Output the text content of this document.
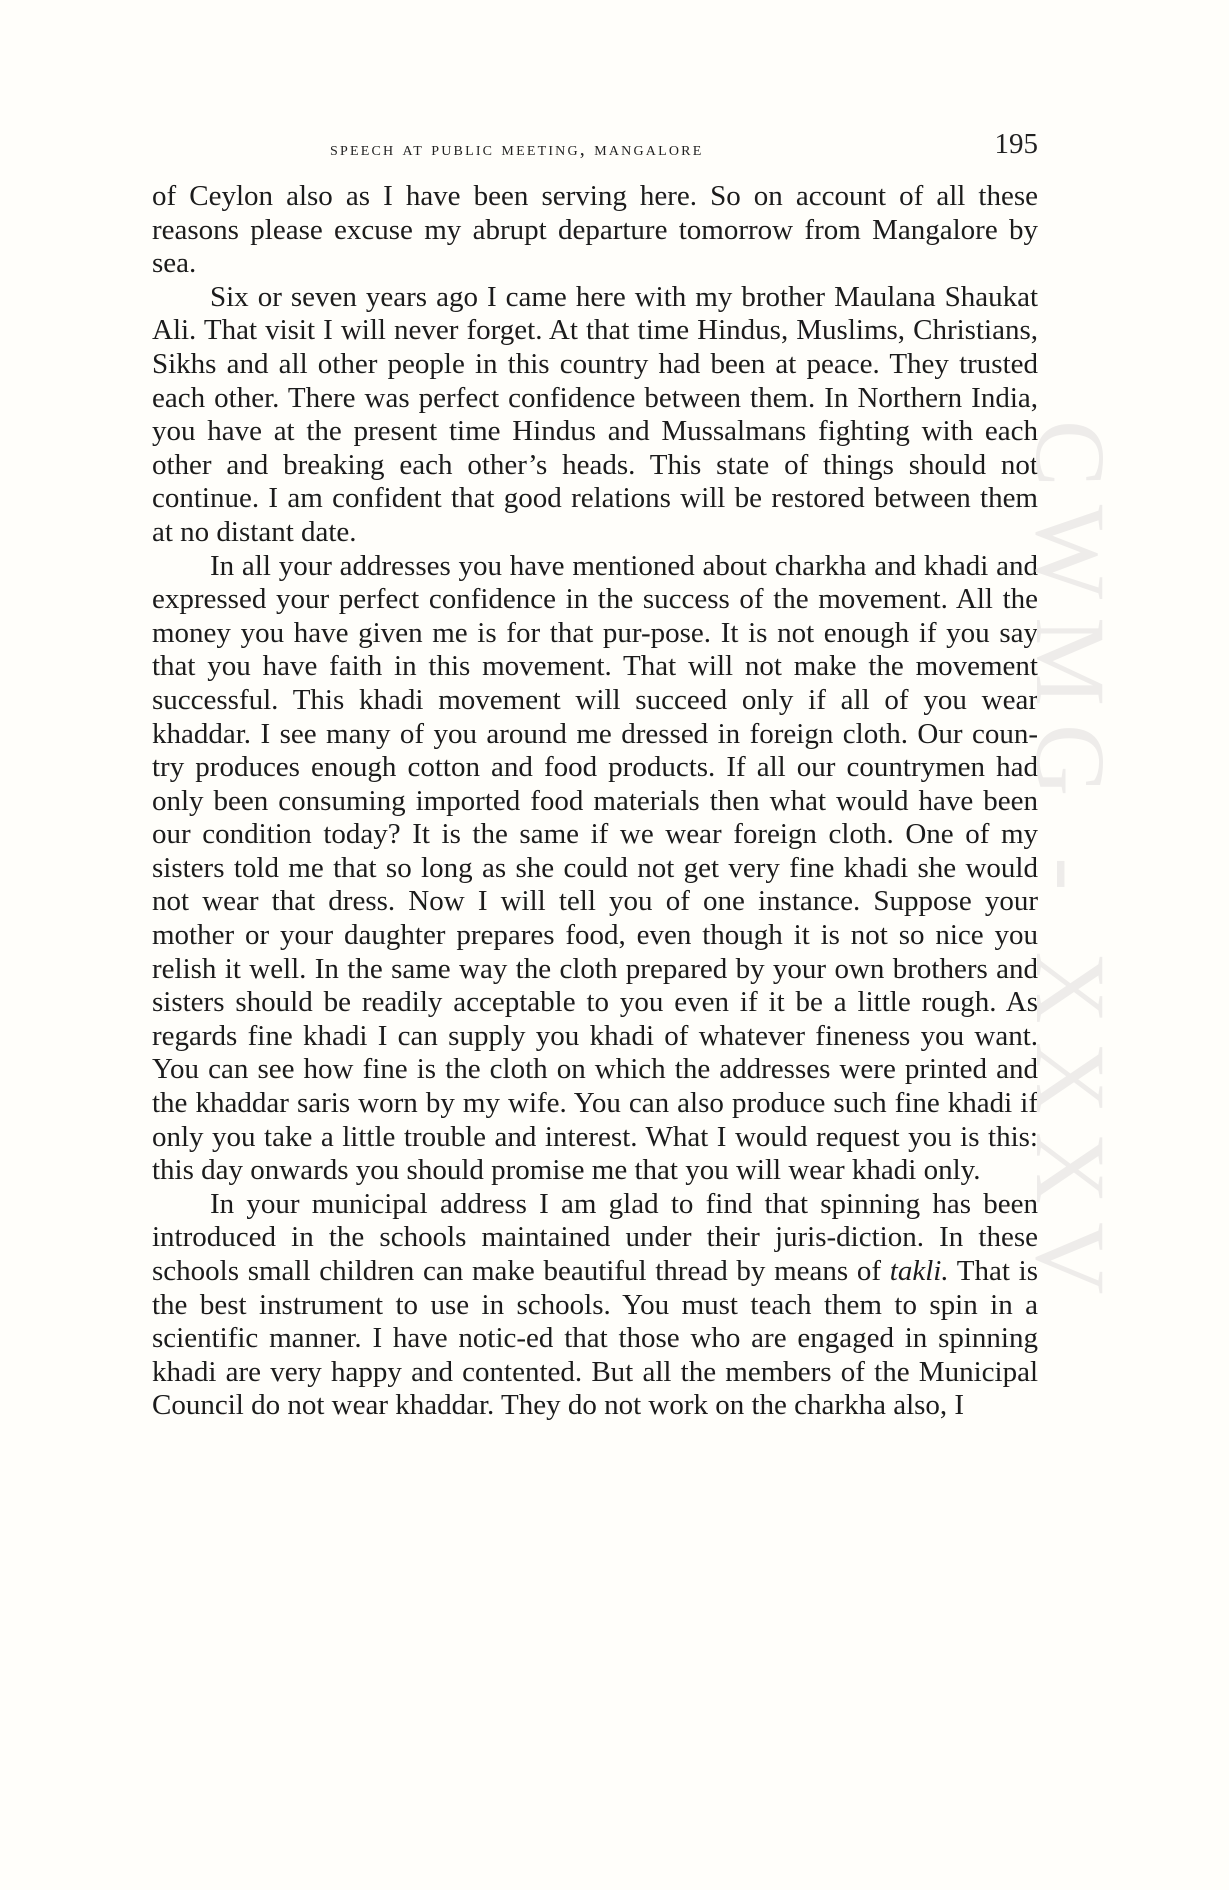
speech at public meeting, mangalore	195

of Ceylon also as I have been serving here. So on account of all these reasons please excuse my abrupt departure tomorrow from Mangalore by sea.

Six or seven years ago I came here with my brother Maulana Shaukat Ali. That visit I will never forget. At that time Hindus, Muslims, Christians, Sikhs and all other people in this country had been at peace. They trusted each other. There was perfect confidence between them. In Northern India, you have at the present time Hindus and Mussalmans fighting with each other and breaking each other’s heads. This state of things should not continue. I am confident that good relations will be restored between them at no distant date.

In all your addresses you have mentioned about charkha and khadi and expressed your perfect confidence in the success of the movement. All the money you have given me is for that pur-pose. It is not enough if you say that you have faith in this movement. That will not make the movement successful. This khadi movement will succeed only if all of you wear khaddar. I see many of you around me dressed in foreign cloth. Our coun-try produces enough cotton and food products. If all our countrymen had only been consuming imported food materials then what would have been our condition today? It is the same if we wear foreign cloth. One of my sisters told me that so long as she could not get very fine khadi she would not wear that dress. Now I will tell you of one instance. Suppose your mother or your daughter prepares food, even though it is not so nice you relish it well. In the same way the cloth prepared by your own brothers and sisters should be readily acceptable to you even if it be a little rough. As regards fine khadi I can supply you khadi of whatever fineness you want. You can see how fine is the cloth on which the addresses were printed and the khaddar saris worn by my wife. You can also produce such fine khadi if only you take a little trouble and interest. What I would request you is this: this day onwards you should promise me that you will wear khadi only.

In your municipal address I am glad to find that spinning has been introduced in the schools maintained under their juris-diction. In these schools small children can make beautiful thread by means of takli. That is the best instrument to use in schools. You must teach them to spin in a scientific manner. I have notic-ed that those who are engaged in spinning khadi are very happy and contented. But all the members of the Municipal Council do not wear khaddar. They do not work on the charkha also, I

CWMG - XXXV
